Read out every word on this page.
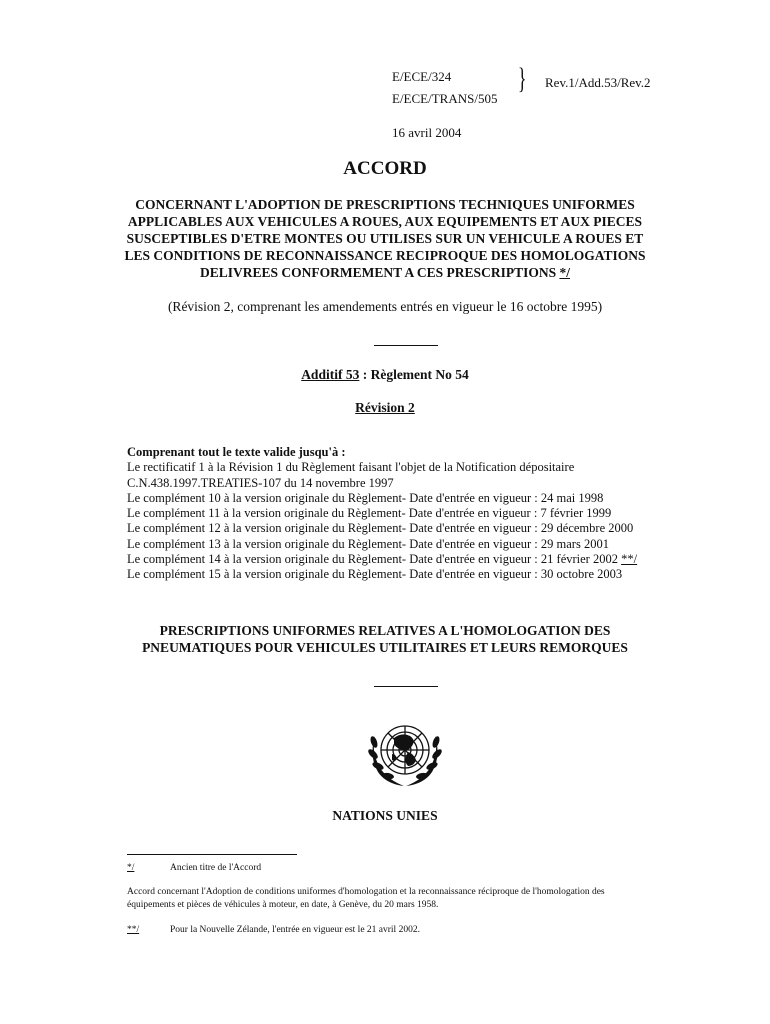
E/ECE/324
E/ECE/TRANS/505
} Rev.1/Add.53/Rev.2
16 avril 2004
ACCORD
CONCERNANT L'ADOPTION DE PRESCRIPTIONS TECHNIQUES UNIFORMES
APPLICABLES AUX VEHICULES A ROUES, AUX EQUIPEMENTS ET AUX PIECES
SUSCEPTIBLES D'ETRE MONTES OU UTILISES SUR UN VEHICULE A ROUES ET
LES CONDITIONS DE RECONNAISSANCE RECIPROQUE DES HOMOLOGATIONS
DELIVREES CONFORMEMENT A CES PRESCRIPTIONS */
(Révision 2, comprenant les amendements entrés en vigueur le 16 octobre 1995)
Additif 53 : Règlement No 54
Révision 2
Comprenant tout le texte valide jusqu'à :
Le rectificatif 1 à la Révision 1 du Règlement faisant l'objet de la Notification dépositaire
C.N.438.1997.TREATIES-107 du 14 novembre 1997
Le complément 10 à la version originale du Règlement- Date d'entrée en vigueur : 24 mai 1998
Le complément 11 à la version originale du Règlement- Date d'entrée en vigueur : 7 février 1999
Le complément 12 à la version originale du Règlement- Date d'entrée en vigueur : 29 décembre 2000
Le complément 13 à la version originale du Règlement- Date d'entrée en vigueur : 29 mars 2001
Le complément 14 à la version originale du Règlement- Date d'entrée en vigueur : 21 février 2002 **/
Le complément 15 à la version originale du Règlement- Date d'entrée en vigueur : 30 octobre 2003
PRESCRIPTIONS UNIFORMES RELATIVES A L'HOMOLOGATION DES
PNEUMATIQUES POUR VEHICULES UTILITAIRES ET LEURS REMORQUES
NATIONS UNIES
*/	Ancien titre de l'Accord
Accord concernant l'Adoption de conditions uniformes d'homologation et la reconnaissance réciproque de l'homologation des
équipements et pièces de véhicules à moteur, en date, à Genève, du 20 mars 1958.
**/	Pour la Nouvelle Zélande, l'entrée en vigueur est le 21 avril 2002.
